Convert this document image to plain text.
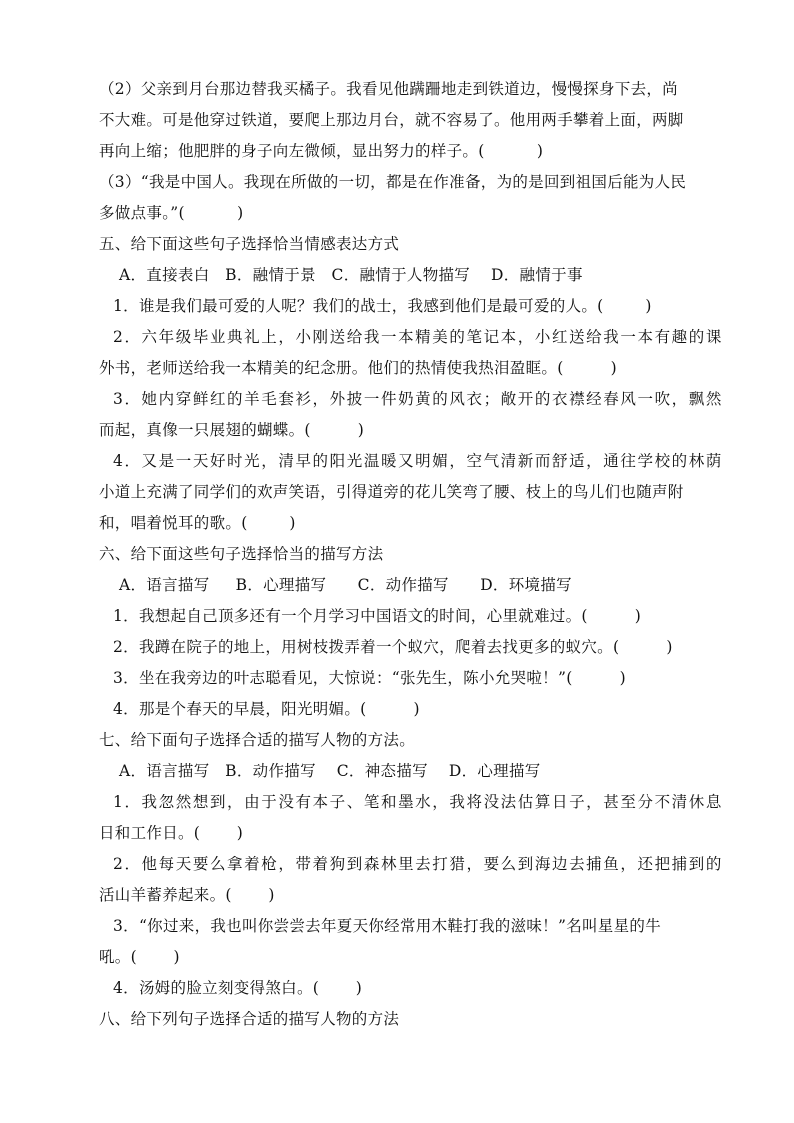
（2）父亲到月台那边替我买橘子。我看见他蹒跚地走到铁道边，慢慢探身下去，尚
不大难。可是他穿过铁道，要爬上那边月台，就不容易了。他用两手攀着上面，两脚
再向上缩；他肥胖的身子向左微倾，显出努力的样子。(          )
（3）“我是中国人。我现在所做的一切，都是在作准备，为的是回到祖国后能为人民
多做点事。”(          )
五、给下面这些句子选择恰当情感表达方式
A．直接表白   B．融情于景   C．融情于人物描写    D．融情于事
1．谁是我们最可爱的人呢？我们的战士，我感到他们是最可爱的人。(        )
2．六年级毕业典礼上，小刚送给我一本精美的笔记本，小红送给我一本有趣的课
外书，老师送给我一本精美的纪念册。他们的热情使我热泪盈眶。(         )
3．她内穿鲜红的羊毛套衫，外披一件奶黄的风衣；敞开的衣襟经春风一吹，飘然
而起，真像一只展翅的蝴蝶。(         )
4．又是一天好时光，清早的阳光温暖又明媚，空气清新而舒适，通往学校的林荫
小道上充满了同学们的欢声笑语，引得道旁的花儿笑弯了腰、枝上的鸟儿们也随声附
和，唱着悦耳的歌。(        )
六、给下面这些句子选择恰当的描写方法
A．语言描写     B．心理描写      C．动作描写      D．环境描写
1．我想起自己顶多还有一个月学习中国语文的时间，心里就难过。(         )
2．我蹲在院子的地上，用树枝拨弄着一个蚁穴，爬着去找更多的蚁穴。(         )
3．坐在我旁边的叶志聪看见，大惊说：“张先生，陈小允哭啦！”(         )
4．那是个春天的早晨，阳光明媚。(         )
七、给下面句子选择合适的描写人物的方法。
A．语言描写   B．动作描写    C．神态描写    D．心理描写
1．我忽然想到，由于没有本子、笔和墨水，我将没法估算日子，甚至分不清休息
日和工作日。(       )
2．他每天要么拿着枪，带着狗到森林里去打猎，要么到海边去捕鱼，还把捕到的
活山羊蓄养起来。(       )
3．“你过来，我也叫你尝尝去年夏天你经常用木鞋打我的滋味！”名叫星星的牛
吼。(       )
4．汤姆的脸立刻变得煞白。(       )
八、给下列句子选择合适的描写人物的方法
